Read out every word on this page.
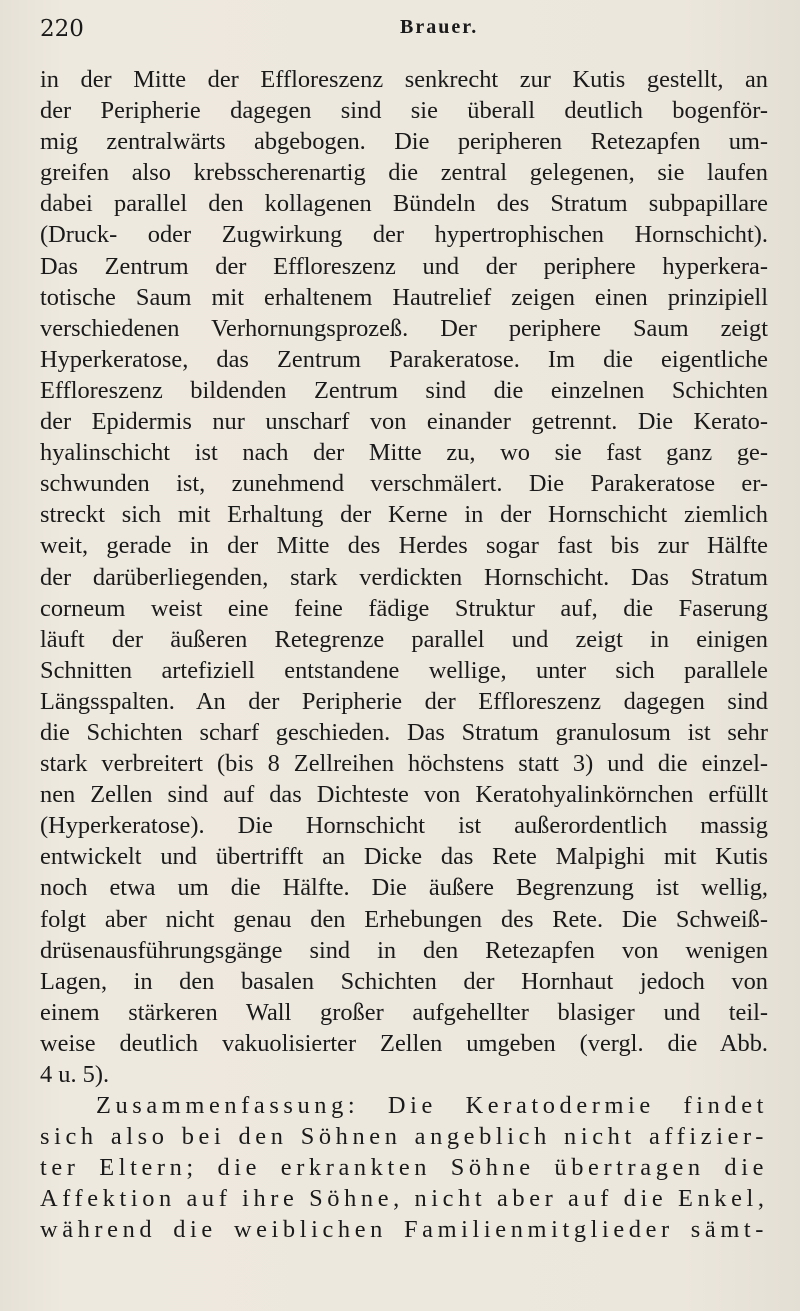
220	Brauer.
in der Mitte der Effloreszenz senkrecht zur Kutis gestellt, an
der Peripherie dagegen sind sie überall deutlich bogenför-
mig zentralwärts abgebogen. Die peripheren Retezapfen um-
greifen also krebsscherenartig die zentral gelegenen, sie laufen
dabei parallel den kollagenen Bündeln des Stratum subpapillare
(Druck- oder Zugwirkung der hypertrophischen Hornschicht).
Das Zentrum der Effloreszenz und der periphere hyperkera-
totische Saum mit erhaltenem Hautrelief zeigen einen prinzipiell
verschiedenen Verhornungsprozeß. Der periphere Saum zeigt
Hyperkeratose, das Zentrum Parakeratose. Im die eigentliche
Effloreszenz bildenden Zentrum sind die einzelnen Schichten
der Epidermis nur unscharf von einander getrennt. Die Kerato-
hyalinschicht ist nach der Mitte zu, wo sie fast ganz ge-
schwunden ist, zunehmend verschmälert. Die Parakeratose er-
streckt sich mit Erhaltung der Kerne in der Hornschicht ziemlich
weit, gerade in der Mitte des Herdes sogar fast bis zur Hälfte
der darüberliegenden, stark verdickten Hornschicht. Das Stratum
corneum weist eine feine fädige Struktur auf, die Faserung
läuft der äußeren Retegrenze parallel und zeigt in einigen
Schnitten artefiziell entstandene wellige, unter sich parallele
Längsspalten. An der Peripherie der Effloreszenz dagegen sind
die Schichten scharf geschieden. Das Stratum granulosum ist sehr
stark verbreitert (bis 8 Zellreihen höchstens statt 3) und die einzel-
nen Zellen sind auf das Dichteste von Keratohyalinkörnchen erfüllt
(Hyperkeratose). Die Hornschicht ist außerordentlich massig
entwickelt und übertrifft an Dicke das Rete Malpighi mit Kutis
noch etwa um die Hälfte. Die äußere Begrenzung ist wellig,
folgt aber nicht genau den Erhebungen des Rete. Die Schweiß-
drüsenausführungsgänge sind in den Retezapfen von wenigen
Lagen, in den basalen Schichten der Hornhaut jedoch von
einem stärkeren Wall großer aufgehellter blasiger und teil-
weise deutlich vakuolisierter Zellen umgeben (vergl. die Abb.
4 u. 5).
Zusammenfassung: Die Keratodermie findet
sich also bei den Söhnen angeblich nicht affizier-
ter Eltern; die erkrankten Söhne übertragen die
Affektion auf ihre Söhne, nicht aber auf die Enkel,
während die weiblichen Familienmitglieder sämt-
